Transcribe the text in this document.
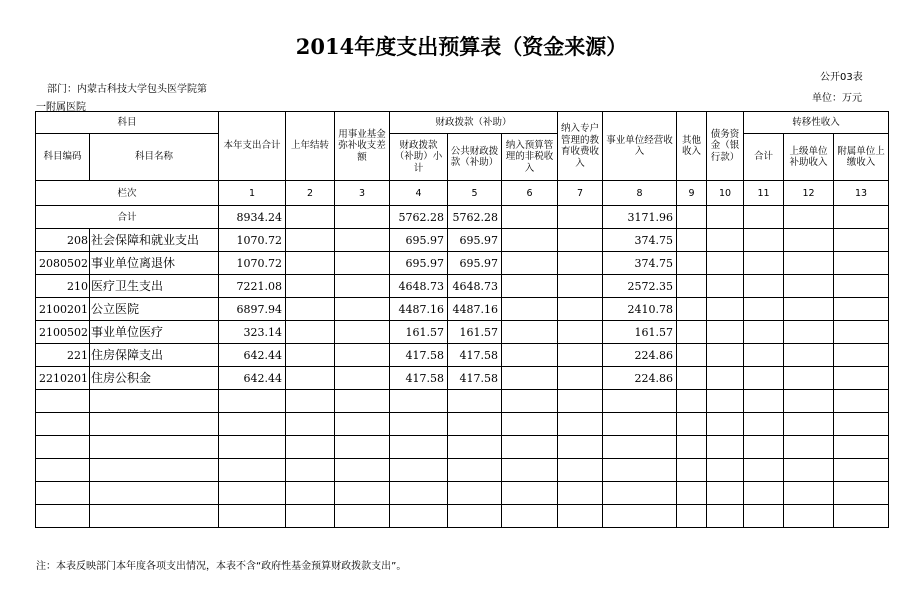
2014年度支出预算表（资金来源）
公开03表
部门：内蒙古科技大学包头医学院第
一附属医院
单位：万元
科目		本年支出合计	上年结转	用事业基金弥补收支差额	财政拨款（补助）			纳入专户管理的教育收费收入	事业单位经营收入	其他收入	债务资金（银行款）	转移性收入		
科目编码	科目名称				财政拨款（补助）小计	公共财政拨款（补助）	纳入预算管理的非税收入					合计	上级单位补助收入	附属单位上缴收入
栏次		1	2	3	4	5	6	7	8	9	10	11	12	13
合计		8934.24			5762.28	5762.28			3171.96					
208	社会保障和就业支出	1070.72			695.97	695.97			374.75					
2080502	事业单位离退休	1070.72			695.97	695.97			374.75					
210	医疗卫生支出	7221.08			4648.73	4648.73			2572.35					
2100201	公立医院	6897.94			4487.16	4487.16			2410.78					
2100502	事业单位医疗	323.14			161.57	161.57			161.57					
221	住房保障支出	642.44			417.58	417.58			224.86					
2210201	住房公积金	642.44			417.58	417.58			224.86					

注：本表反映部门本年度各项支出情况，本表不含“政府性基金预算财政拨款支出”。
